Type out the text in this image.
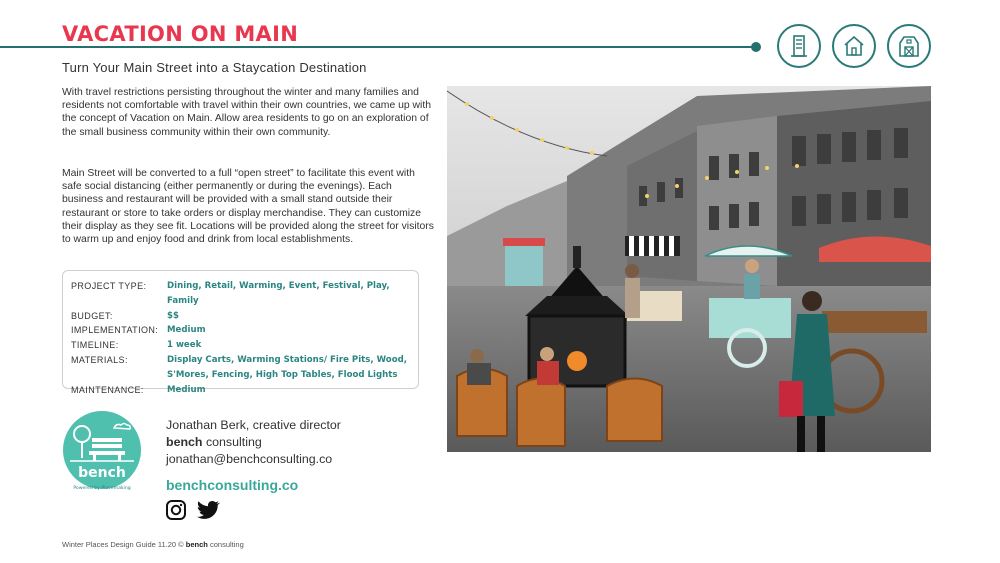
VACATION ON MAIN
Turn Your Main Street into a Staycation Destination
With travel restrictions persisting throughout the winter and many families and residents not comfortable with travel within their own countries, we came up with the concept of Vacation on Main. Allow area residents to go on an exploration of the small business community within their own community.
Main Street will be converted to a full “open street” to facilitate this event with safe social distancing (either permanently or during the evenings). Each business and restaurant will be provided with a small stand outside their restaurant or store to take orders or display merchandise. They can customize their display as they see fit. Locations will be provided along the street for visitors to warm up and enjoy food and drink from local establishments.
PROJECT TYPE:	Dining, Retail, Warming, Event, Festival, Play, Family
BUDGET:	$$
IMPLEMENTATION:	Medium
TIMELINE:	1 week
MATERIALS:	Display Carts, Warming Stations/ Fire Pits, Wood,
S'Mores, Fencing, High Top Tables, Flood Lights
MAINTENANCE:	Medium
bench
Powered by Placemaking
Jonathan Berk, creative director
bench consulting
jonathan@benchconsulting.co
benchconsulting.co
Winter Places Design Guide 11.20 © bench consulting
